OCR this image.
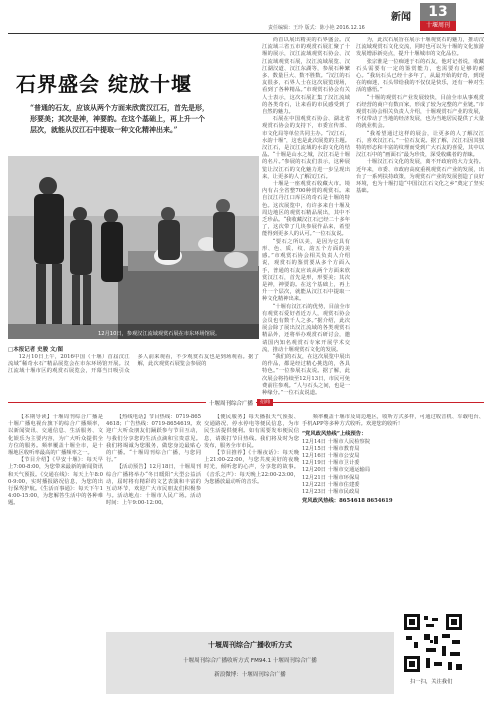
新闻	13
十堰周刊
责任编辑：王玲 版式：陈小艳 2016.12.16
石界盛会 绽放十堰
“普通的石友，应该从两个方面来欣赏汉江石，首先是形，形要美；其次是神，神要韵。在这个基础上，再上升一个层次，就能从汉江石中提取一种文化精神出来。”
12月10日，参观汉江流域观赏石展在市东环场馆展。
□本报记者 史骏 文/图

12月10日上午，2016中国（十堰）首届汉江流域“稀奇水石”精品展览会在市东环场馆开展。汉江流域十堰市区的观赏石展览会，开幕当日吸引众多人前来观看，不少观赏石友也是到场观看。据了解，此次观赏石展览会参展的

尚首以展出精美的石界盛会。汉江流域三省五市的观赏石展汇聚了十堰的展示，汉江流域观赏石协会、汉江流域观赏石展，汉江流域展览、汉江湖汉道、汉江东湖等，参展石种繁多、数量巨大、数不胜数。“汉江的石友很多，石界人士在这次展览现场，看到了各种精品。”市观赏石协会有关人士表示，这次石展汇集了汉江流域的各类奇石，让来看的市民感受到了自然的魅力。

石展在中国观赏石协会、湖北省观赏石协会的支持下，市委宣传部、市文化局等单位共同主办。“汉江石，水韵十堰”，这也是此次展览的主题。汉江石，是汉江流域的水韵文化的结晶。“十堰是山水之城，汉江石是十堰的名片。”参展的石友们表示，这种展览让汉江石的文化魅力进一步呈现出来，让更多的人了解汉江石。

十堰是一座观赏石收藏大市。境内有占全省整700种赏的观赏石。来自汉江丹江口库区的奇石是十堰的特色。这次展览中，有许多来自十堰及周边地区的观赏石精品展出，其中不乏珍品。“我收藏汉江石已经二十多年了，这次带了几块参展作品来，希望能得到更多人的认可。”一位石友说。

“要石之所以美，是因为它具有形、色、质、纹、韵五个方面的美感。”市观赏石协会相关负责人介绍说，观赏石的鉴赏要从多个方面入手，普通的石友应该从两个方面来欣赏汉江石，首先是形，形要美；其次是神，神要韵。在这个基础上，再上升一个层次，就能从汉江石中提取一种文化精神出来。

“十堰有汉江石的优势，目前全市有观赏石爱好者近万人，观赏石协会会员也有数千人之多。”据介绍，此次展会除了展出汉江流域的各类观赏石精品外，还将举办观赏石研讨会，邀请国内知名观赏石专家开展学术交流，推动十堰观赏石文化的发展。

“我们的石友，在这次展览中展出的作品，都是经过精心挑选的，各具特色。”一位参展石友说。据了解，此次展会将持续至12月13日，市民可免费前往参观。“人与石头之间，也是一种缘分。”一位石友说道。

为，此次石展旨在展示十堰观赏石的魅力，推动汉江流域观赏石文化交流，同时也可以为十堰的文化旅游发展增添新亮点，提升十堰城市的文化品位。

张宗淮是一位痴迷于石的石友，他对记者说，收藏石头需要有一定的鉴赏能力，也需要有足够的耐心。“我玩石头已经十多年了，从最开始的好奇，到现在的痴迷，石头带给我的不仅仅是快乐，还有一种对生活的感悟。”

“十堰的观赏石产业发展较快，目前全市从事观赏石经营的商户有数百家，形成了较为完整的产业链。”市观赏石协会相关负责人介绍，十堰观赏石产业的发展，不仅带动了当地的经济发展，也为当地居民提供了大量的就业机会。

“我希望通过这样的展会，让更多的人了解汉江石，喜欢汉江石。”一位石友说。据了解，汉江石因其独特的形态和丰富的纹理而受到广大石友的喜爱，其中以汉江石中的“画面石”最为珍贵，深受收藏者的青睐。

十堰汉江石文化的发展，离不开政府的大力支持。近年来，市委、市政府高度重视观赏石产业的发展，出台了一系列扶持政策，为观赏石产业的发展创造了良好环境，也为十堰打造“中国汉江石文化之乡”奠定了坚实基础。

十堰周刊综合广播	招商

【本期导读】十堰周刊综合广播是十堰广播电视台旗下的综合广播频率，以新闻资讯、交通信息、生活服务、文化娱乐为主要内容，为广大听众提供全方位的服务。频率覆盖十堰全市，是十堰地区收听率最高的广播频率之一。

【节目介绍】《早安十堰》：每天早上7:00-8:00，为您带来最新的新闻资讯和天气预报。《交通在线》：每天上午8:00-9:00，实时播报路况信息，为您的出行保驾护航。《生活百事通》：每天下午14:00-15:00，为您解答生活中的各种难题。

【热线电话】节目热线：0719-8654618；广告热线：0719-8654619。欢迎广大听众朋友们踊跃参与节目互动，与我们分享您的生活点滴和宝贵意见。我们将竭诚为您服务，做您身边最贴心的广播。“十堰周刊综合广播，与您同行。”

【活动预告】12月18日，十堰周刊综合广播将举办“冬日暖阳”大型公益活动，届时将有精彩的文艺表演和丰富的互动环节，欢迎广大市民朋友们积极参与。活动地点：十堰市人民广场。活动时间：上午9:00-12:00。

【便民服务】每天播报天气预报、交通路况、停水停电等便民信息，为市民生活提供便利。如有需要发布便民信息，请拨打节目热线。我们将及时为您发布，服务全市市民。

【节目推荐】《十堰夜话》：每天晚上21:00-22:00，与您共度美好的夜晚时光，倾听您的心声，分享您的故事。《音乐之声》：每天晚上22:00-23:00，为您播放最动听的音乐。

频率覆盖十堰市及周边地区，收听方式多样，可通过收音机、车载电台、手机APP等多种方式收听。欢迎您的收听！

“党风政风热线”上线预告：
12月14日 十堰市人民检察院
12月15日 十堰市教育局
12月16日 十堰市公安局
12月19日 十堰市卫计委
12月20日 十堰市交通运输局
12月21日 十堰市环保局
12月22日 十堰市住建委
12月23日 十堰市民政局
党风政风热线：8654618 8654619
十堰周刊综合广播收听方式
十堰周刊综合广播收听方式 FM94.1 十堰周刊综合广播
新浪微博：十堰周刊综合广播
扫一扫，关注我们
